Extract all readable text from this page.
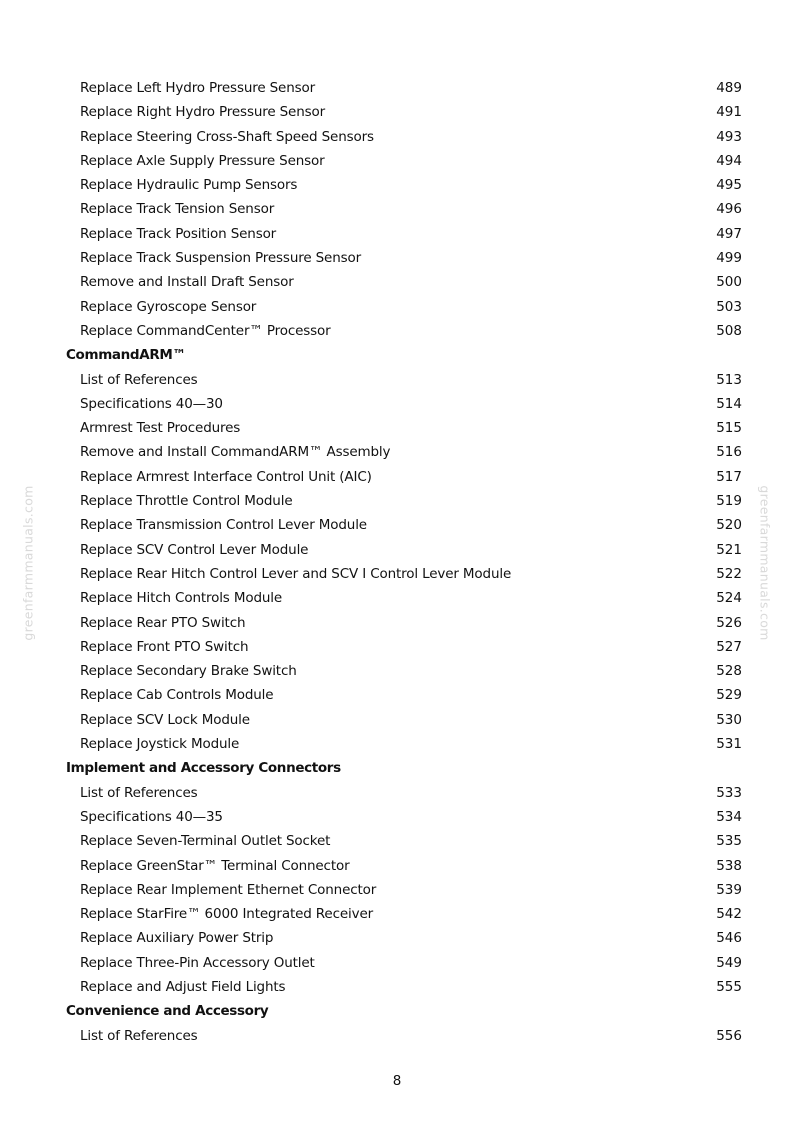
Replace Left Hydro Pressure Sensor	489
Replace Right Hydro Pressure Sensor	491
Replace Steering Cross-Shaft Speed Sensors	493
Replace Axle Supply Pressure Sensor	494
Replace Hydraulic Pump Sensors	495
Replace Track Tension Sensor	496
Replace Track Position Sensor	497
Replace Track Suspension Pressure Sensor	499
Remove and Install Draft Sensor	500
Replace Gyroscope Sensor	503
Replace CommandCenter™ Processor	508
CommandARM™
List of References	513
Specifications 40—30	514
Armrest Test Procedures	515
Remove and Install CommandARM™ Assembly	516
Replace Armrest Interface Control Unit (AIC)	517
Replace Throttle Control Module	519
Replace Transmission Control Lever Module	520
Replace SCV Control Lever Module	521
Replace Rear Hitch Control Lever and SCV I Control Lever Module	522
Replace Hitch Controls Module	524
Replace Rear PTO Switch	526
Replace Front PTO Switch	527
Replace Secondary Brake Switch	528
Replace Cab Controls Module	529
Replace SCV Lock Module	530
Replace Joystick Module	531
Implement and Accessory Connectors
List of References	533
Specifications 40—35	534
Replace Seven-Terminal Outlet Socket	535
Replace GreenStar™ Terminal Connector	538
Replace Rear Implement Ethernet Connector	539
Replace StarFire™ 6000 Integrated Receiver	542
Replace Auxiliary Power Strip	546
Replace Three-Pin Accessory Outlet	549
Replace and Adjust Field Lights	555
Convenience and Accessory
List of References	556
greenfarmmanuals.com	greenfarmmanuals.com
8
